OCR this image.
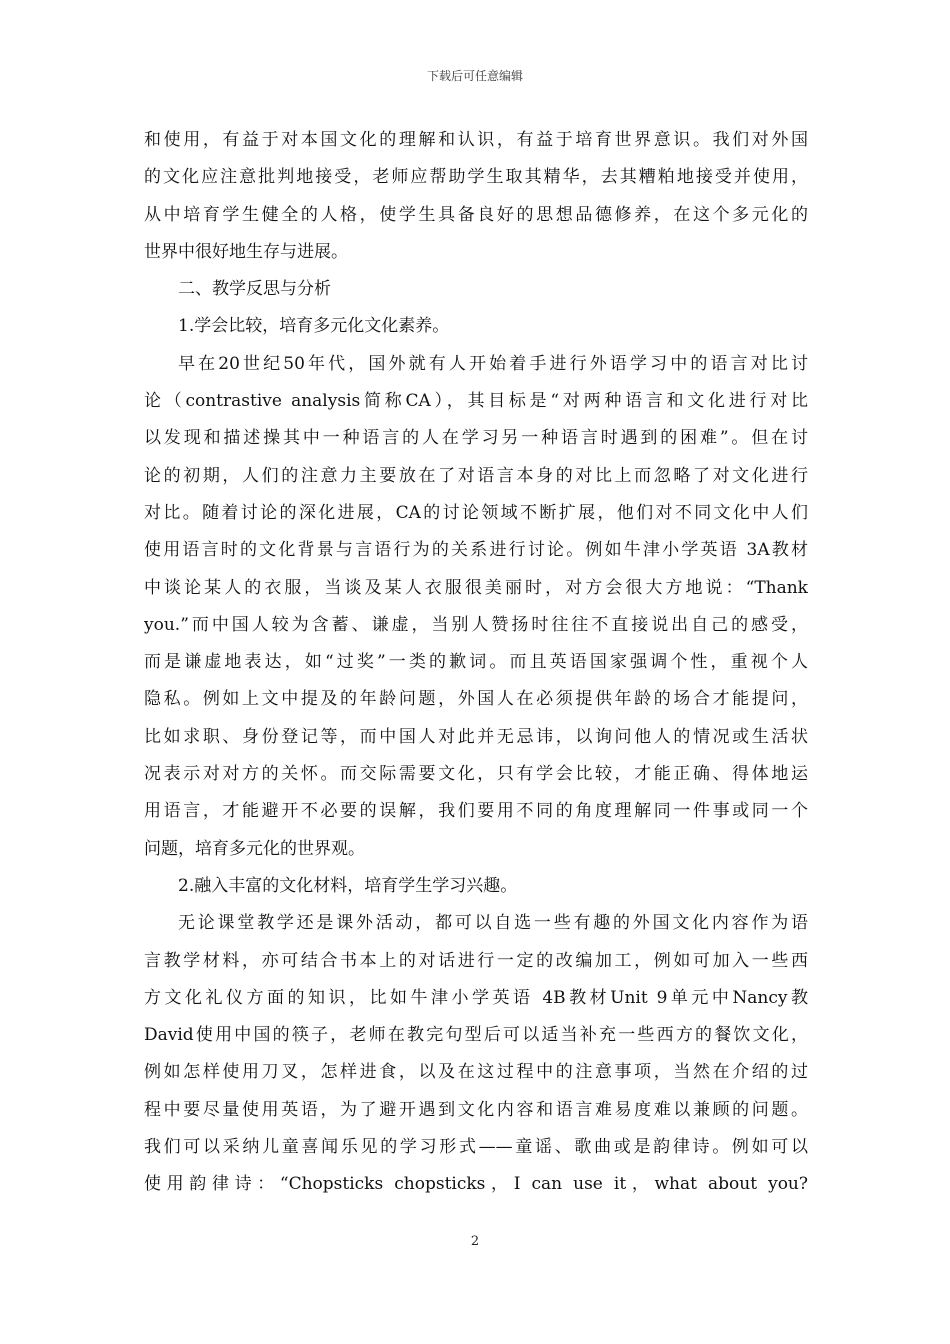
下载后可任意编辑
和使用，有益于对本国文化的理解和认识，有益于培育世界意识。我们对外国
的文化应注意批判地接受，老师应帮助学生取其精华，去其糟粕地接受并使用，
从中培育学生健全的人格，使学生具备良好的思想品德修养，在这个多元化的
世界中很好地生存与进展。
二、教学反思与分析
1.学会比较，培育多元化文化素养。
早在20世纪50年代，国外就有人开始着手进行外语学习中的语言对比讨
论（contrastive analysis简称CA），其目标是“对两种语言和文化进行对比
以发现和描述操其中一种语言的人在学习另一种语言时遇到的困难”。但在讨
论的初期，人们的注意力主要放在了对语言本身的对比上而忽略了对文化进行
对比。随着讨论的深化进展，CA的讨论领域不断扩展，他们对不同文化中人们
使用语言时的文化背景与言语行为的关系进行讨论。例如牛津小学英语 3A教材
中谈论某人的衣服，当谈及某人衣服很美丽时，对方会很大方地说：“Thank
you.”而中国人较为含蓄、谦虚，当别人赞扬时往往不直接说出自己的感受，
而是谦虚地表达，如“过奖”一类的歉词。而且英语国家强调个性，重视个人
隐私。例如上文中提及的年龄问题，外国人在必须提供年龄的场合才能提问，
比如求职、身份登记等，而中国人对此并无忌讳，以询问他人的情况或生活状
况表示对对方的关怀。而交际需要文化，只有学会比较，才能正确、得体地运
用语言，才能避开不必要的误解，我们要用不同的角度理解同一件事或同一个
问题，培育多元化的世界观。
2.融入丰富的文化材料，培育学生学习兴趣。
无论课堂教学还是课外活动，都可以自选一些有趣的外国文化内容作为语
言教学材料，亦可结合书本上的对话进行一定的改编加工，例如可加入一些西
方文化礼仪方面的知识，比如牛津小学英语 4B教材Unit 9单元中Nancy教
David使用中国的筷子，老师在教完句型后可以适当补充一些西方的餐饮文化，
例如怎样使用刀叉，怎样进食，以及在这过程中的注意事项，当然在介绍的过
程中要尽量使用英语，为了避开遇到文化内容和语言难易度难以兼顾的问题。
我们可以采纳儿童喜闻乐见的学习形式——童谣、歌曲或是韵律诗。例如可以
使用韵律诗：“Chopsticks chopsticks，I can use it，what about you?
2
